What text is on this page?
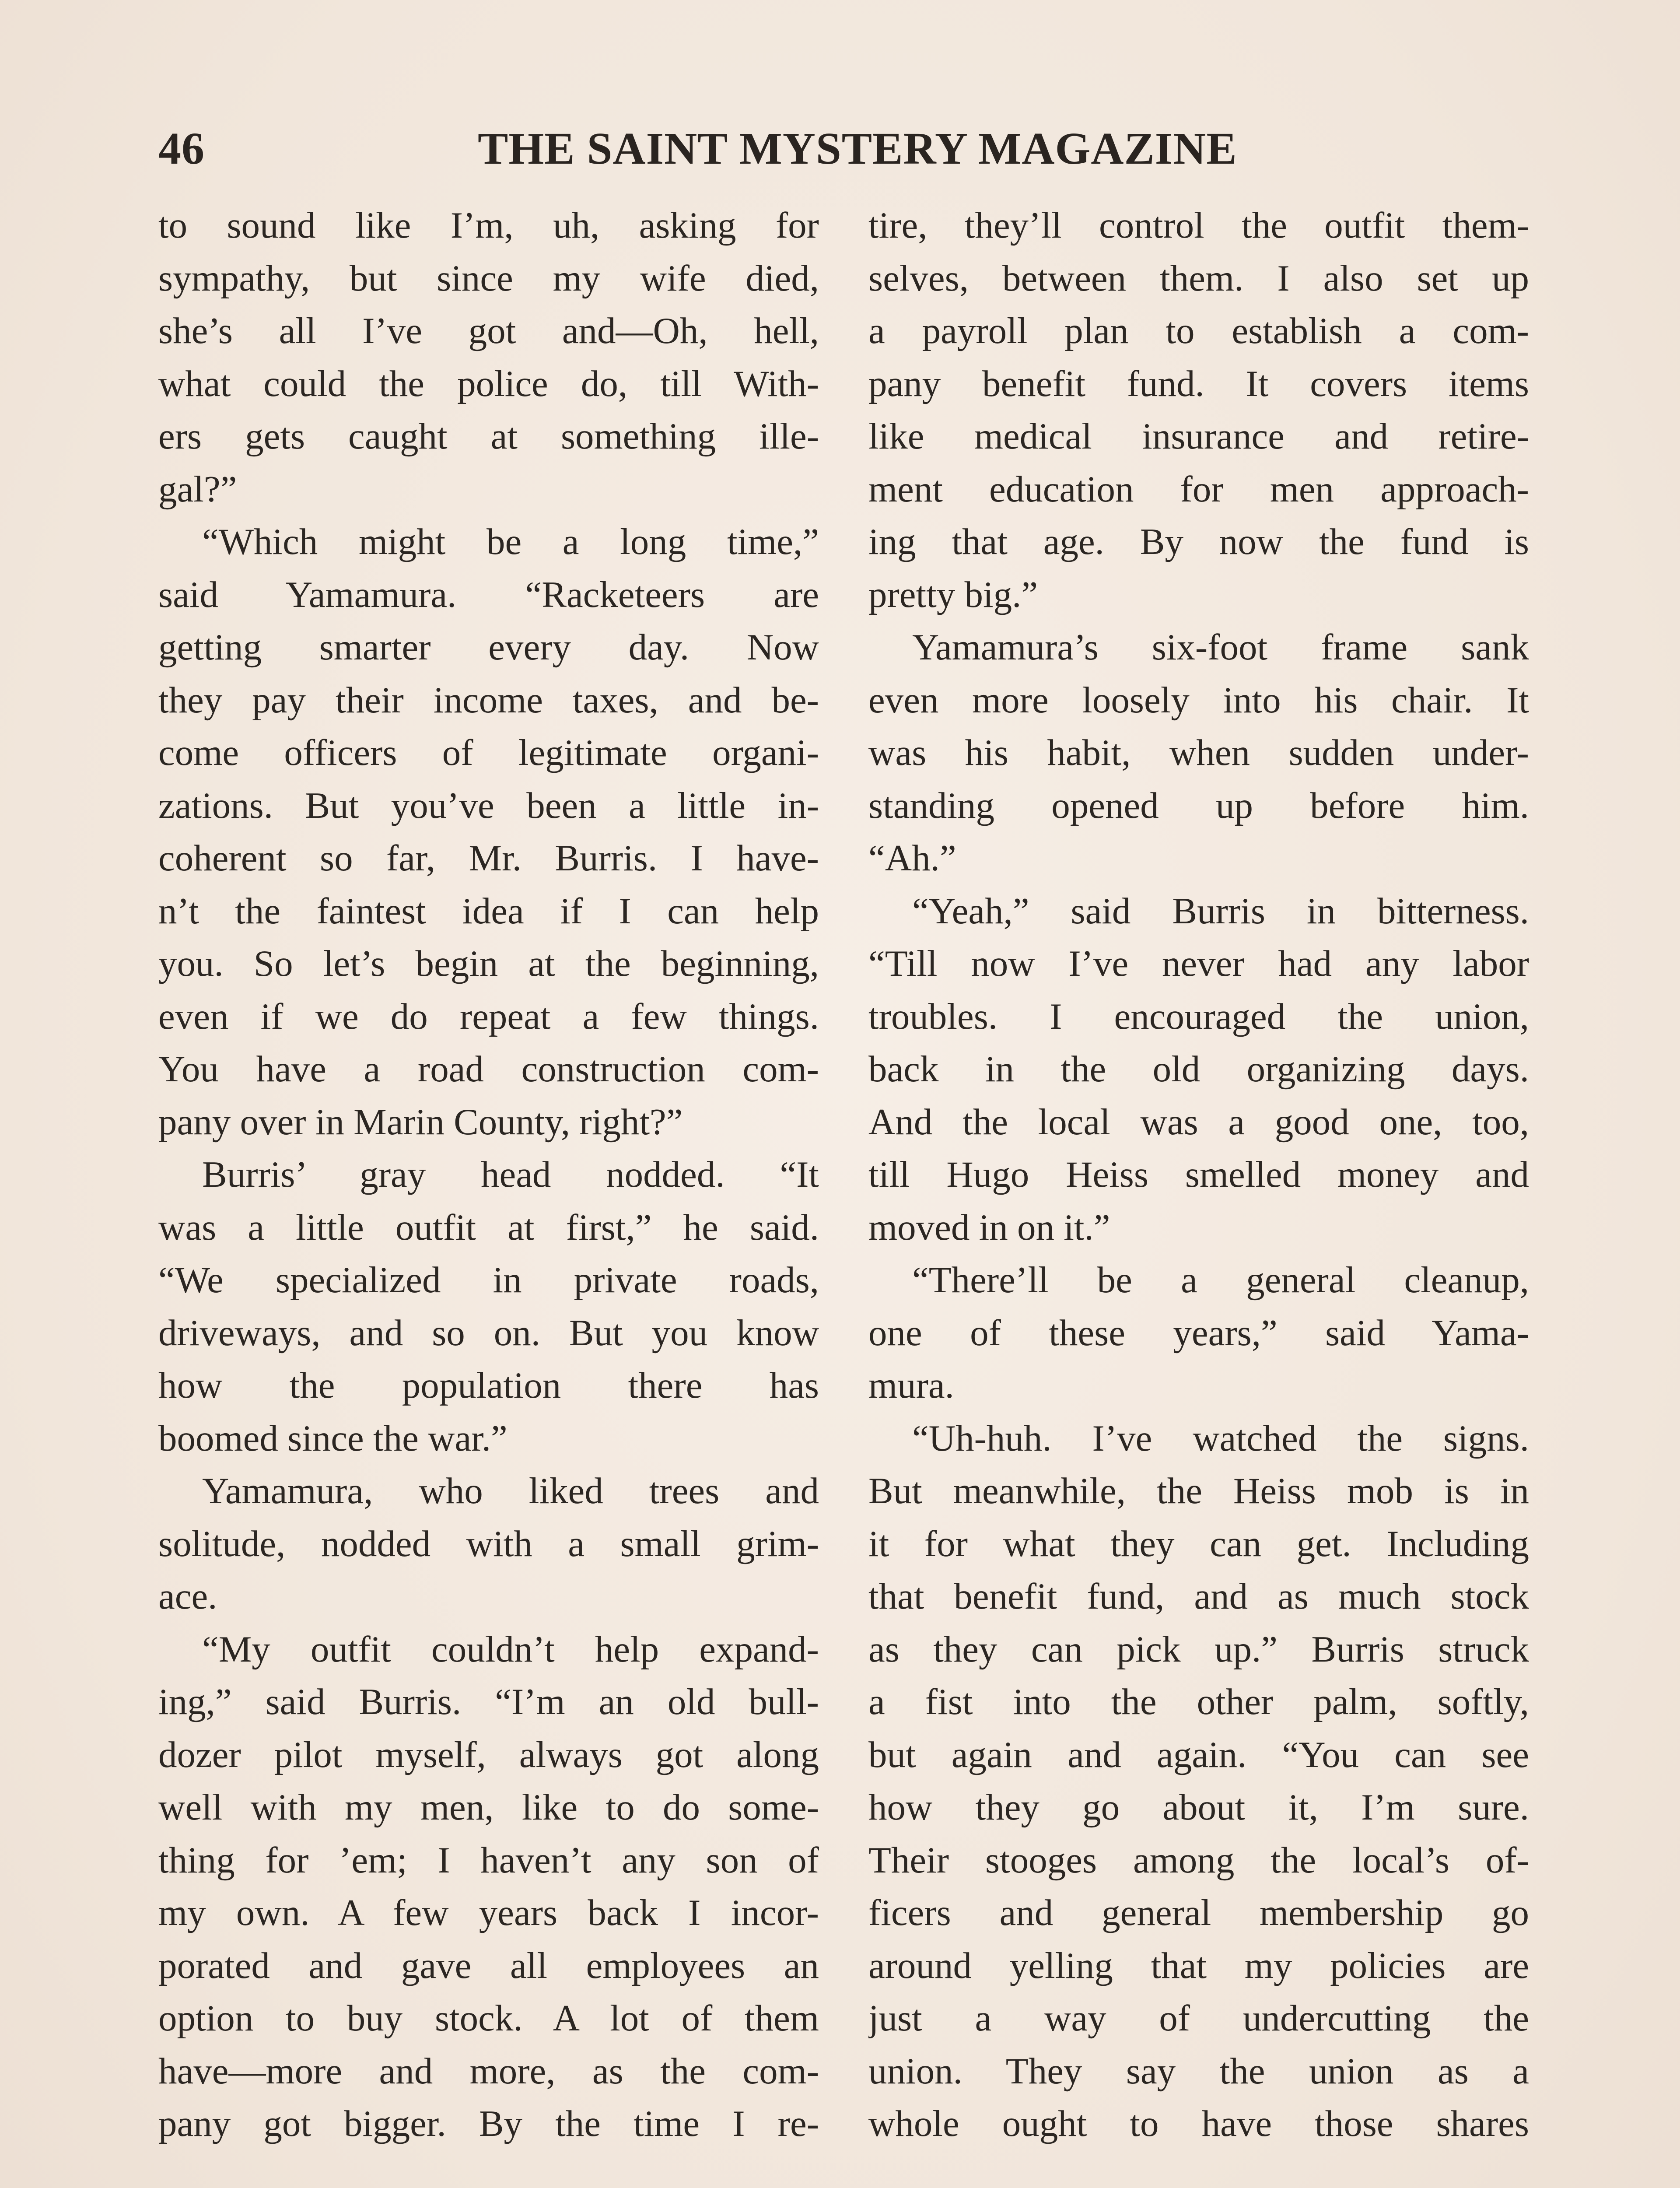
46	THE SAINT MYSTERY MAGAZINE
to sound like I’m, uh, asking for
sympathy, but since my wife died,
she’s all I’ve got and—Oh, hell,
what could the police do, till With-
ers gets caught at something ille-
gal?”
“Which might be a long time,”
said Yamamura. “Racketeers are
getting smarter every day. Now
they pay their income taxes, and be-
come officers of legitimate organi-
zations. But you’ve been a little in-
coherent so far, Mr. Burris. I have-
n’t the faintest idea if I can help
you. So let’s begin at the beginning,
even if we do repeat a few things.
You have a road construction com-
pany over in Marin County, right?”
Burris’ gray head nodded. “It
was a little outfit at first,” he said.
“We specialized in private roads,
driveways, and so on. But you know
how the population there has
boomed since the war.”
Yamamura, who liked trees and
solitude, nodded with a small grim-
ace.
“My outfit couldn’t help expand-
ing,” said Burris. “I’m an old bull-
dozer pilot myself, always got along
well with my men, like to do some-
thing for ’em; I haven’t any son of
my own. A few years back I incor-
porated and gave all employees an
option to buy stock. A lot of them
have—more and more, as the com-
pany got bigger. By the time I re-
tire, they’ll control the outfit them-
selves, between them. I also set up
a payroll plan to establish a com-
pany benefit fund. It covers items
like medical insurance and retire-
ment education for men approach-
ing that age. By now the fund is
pretty big.”
Yamamura’s six-foot frame sank
even more loosely into his chair. It
was his habit, when sudden under-
standing opened up before him.
“Ah.”
“Yeah,” said Burris in bitterness.
“Till now I’ve never had any labor
troubles. I encouraged the union,
back in the old organizing days.
And the local was a good one, too,
till Hugo Heiss smelled money and
moved in on it.”
“There’ll be a general cleanup,
one of these years,” said Yama-
mura.
“Uh-huh. I’ve watched the signs.
But meanwhile, the Heiss mob is in
it for what they can get. Including
that benefit fund, and as much stock
as they can pick up.” Burris struck
a fist into the other palm, softly,
but again and again. “You can see
how they go about it, I’m sure.
Their stooges among the local’s of-
ficers and general membership go
around yelling that my policies are
just a way of undercutting the
union. They say the union as a
whole ought to have those shares
